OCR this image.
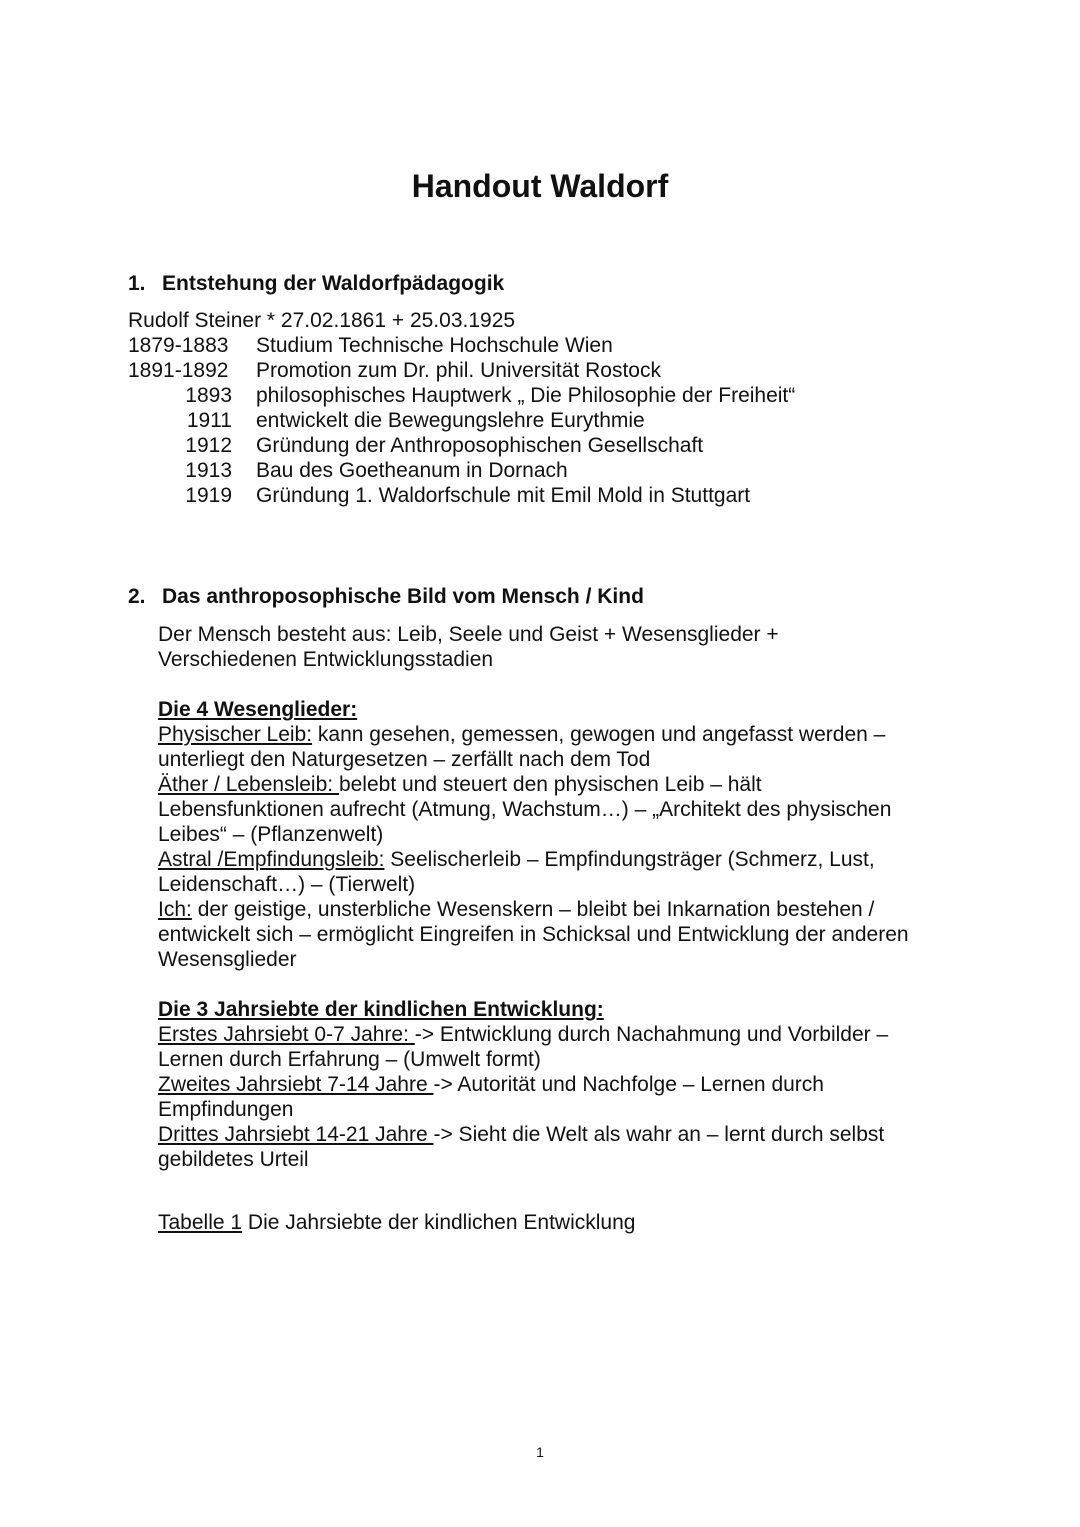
Handout Waldorf
1. Entstehung der Waldorfpädagogik
Rudolf Steiner * 27.02.1861 + 25.03.1925
1879-1883	Studium Technische Hochschule Wien
1891-1892	Promotion zum Dr. phil. Universität Rostock
1893	philosophisches Hauptwerk „ Die Philosophie der Freiheit“
1911	entwickelt die Bewegungslehre Eurythmie
1912	Gründung der Anthroposophischen Gesellschaft
1913	Bau des Goetheanum in Dornach
1919	Gründung 1. Waldorfschule mit Emil Mold in Stuttgart
2. Das anthroposophische Bild vom Mensch / Kind
Der Mensch besteht aus: Leib, Seele und Geist + Wesensglieder +
Verschiedenen Entwicklungsstadien

Die 4 Wesenglieder:
Physischer Leib: kann gesehen, gemessen, gewogen und angefasst werden –
unterliegt den Naturgesetzen – zerfällt nach dem Tod
Äther / Lebensleib: belebt und steuert den physischen Leib – hält
Lebensfunktionen aufrecht (Atmung, Wachstum…) – „Architekt des physischen
Leibes“ – (Pflanzenwelt)
Astral /Empfindungsleib: Seelischerleib – Empfindungsträger (Schmerz, Lust,
Leidenschaft…) – (Tierwelt)
Ich: der geistige, unsterbliche Wesenskern – bleibt bei Inkarnation bestehen /
entwickelt sich – ermöglicht Eingreifen in Schicksal und Entwicklung der anderen
Wesensglieder

Die 3 Jahrsiebte der kindlichen Entwicklung:
Erstes Jahrsiebt 0-7 Jahre: -> Entwicklung durch Nachahmung und Vorbilder –
Lernen durch Erfahrung – (Umwelt formt)
Zweites Jahrsiebt 7-14 Jahre -> Autorität und Nachfolge – Lernen durch
Empfindungen
Drittes Jahrsiebt 14-21 Jahre -> Sieht die Welt als wahr an – lernt durch selbst
gebildetes Urteil
Tabelle 1 Die Jahrsiebte der kindlichen Entwicklung
1
